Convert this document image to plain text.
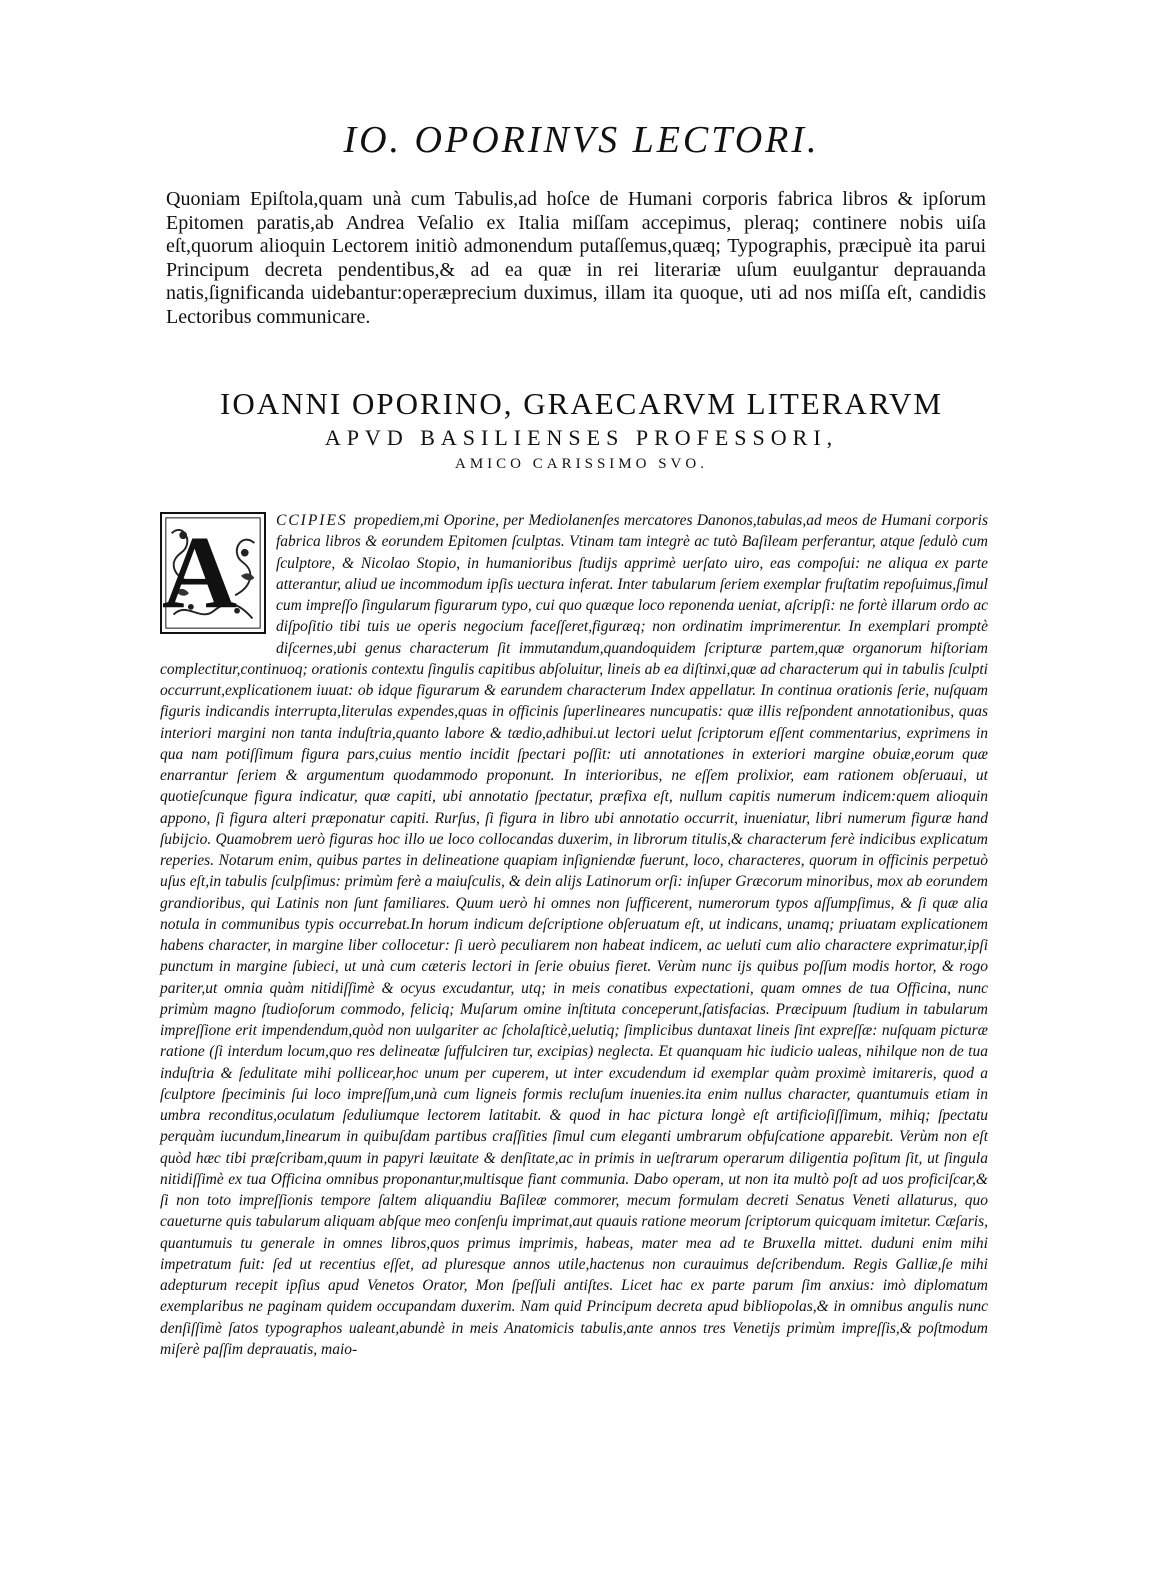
IO. OPORINVS LECTORI.

Quoniam Epiſtola,quam unà cum Tabulis,ad hoſce de Humani corporis fabrica libros & ipſorum Epitomen paratis,ab Andrea Veſalio ex Italia miſſam accepimus, pleraq; continere nobis uiſa eſt,quorum alioquin Lectorem initiò admonendum putaſſemus,quæq; Typographis, præcipuè ita parui Principum decreta pendentibus,& ad ea quæ in rei literariæ uſum euulgantur deprauanda natis,ſignificanda uidebantur:operæprecium duximus, illam ita quoque, uti ad nos miſſa eſt, candidis Lectoribus communicare.

IOANNI OPORINO, GRAECARVM LITERARVM
APVD BASILIENSES PROFESSORI,
AMICO CARISSIMO SVO.
A	CCIPIES propediem,mi Oporine, per Mediolanenſes mercatores Danonos,tabulas,ad meos de Humani corporis fabrica libros & eorundem Epitomen ſculptas. Vtinam tam integrè ac tutò Baſileam perferantur, atque ſedulò cum ſculptore, & Nicolao Stopio, in humanioribus ſtudijs apprimè uerſato uiro, eas compoſui: ne aliqua ex parte atterantur, aliud ue incommodum ipſis uectura inferat. Inter tabularum ſeriem exemplar fruſtatim repoſuimus,ſimul cum impreſſo ſingularum figurarum typo, cui quo quæque loco reponenda ueniat, aſcripſi: ne fortè illarum ordo ac diſpoſitio tibi tuis ue operis negocium faceſſeret,figuræq; non ordinatim imprimerentur. In exemplari promptè diſcernes,ubi genus characterum ſit immutandum,quandoquidem ſcripturæ partem,quæ organorum hiſtoriam complectitur,continuoq; orationis contextu ſingulis capitibus abſoluitur, lineis ab ea diſtinxi,quæ ad characterum qui in tabulis ſculpti occurrunt,explicationem iuuat: ob idque figurarum & earundem characterum Index appellatur. In continua orationis ſerie, nuſquam figuris indicandis interrupta,literulas expendes,quas in officinis ſuperlineares nuncupatis: quæ illis reſpondent annotationibus, quas interiori margini non tanta induſtria,quanto labore & tædio,adhibui.ut lectori uelut ſcriptorum eſſent commentarius, exprimens in qua nam potiſſimum figura pars,cuius mentio incidit ſpectari poſſit: uti annotationes in exteriori margine obuiæ,eorum quæ enarrantur ſeriem & argumentum quodammodo proponunt. In interioribus, ne eſſem prolixior, eam rationem obſeruaui, ut quotieſcunque figura indicatur, quæ capiti, ubi annotatio ſpectatur, præfixa eſt, nullum capitis numerum indicem:quem alioquin appono, ſi figura alteri præponatur capiti. Rurſus, ſi figura in libro ubi annotatio occurrit, inueniatur, libri numerum figuræ hand ſubijcio. Quamobrem uerò figuras hoc illo ue loco collocandas duxerim, in librorum titulis,& characterum ferè indicibus explicatum reperies. Notarum enim, quibus partes in delineatione quapiam inſigniendæ fuerunt, loco, characteres, quorum in officinis perpetuò uſus eſt,in tabulis ſculpſimus: primùm ferè a maiuſculis, & dein alijs Latinorum orſi: inſuper Græcorum minoribus, mox ab eorundem grandioribus, qui Latinis non ſunt familiares. Quum uerò hi omnes non ſufficerent, numerorum typos aſſumpſimus, & ſi quæ alia notula in communibus typis occurrebat.In horum indicum deſcriptione obſeruatum eſt, ut indicans, unamq; priuatam explicationem habens character, in margine liber collocetur: ſi uerò peculiarem non habeat indicem, ac ueluti cum alio charactere exprimatur,ipſi punctum in margine ſubieci, ut unà cum cæteris lectori in ſerie obuius fieret. Verùm nunc ijs quibus poſſum modis hortor, & rogo pariter,ut omnia quàm nitidiſſimè & ocyus excudantur, utq; in meis conatibus expectationi, quam omnes de tua Officina, nunc primùm magno ſtudioſorum commodo, feliciq; Muſarum omine inſtituta conceperunt,ſatisfacias. Præcipuum ſtudium in tabularum impreſſione erit impendendum,quòd non uulgariter ac ſcholaſticè,uelutiq; ſimplicibus duntaxat lineis ſint expreſſæ: nuſquam picturæ ratione (ſi interdum locum,quo res delineatæ ſuffulciren tur, excipias) neglecta. Et quanquam hic iudicio ualeas, nihilque non de tua induſtria & ſedulitate mihi pollicear,hoc unum per cuperem, ut inter excudendum id exemplar quàm proximè imitareris, quod a ſculptore ſpeciminis ſui loco impreſſum,unà cum ligneis formis recluſum inuenies.ita enim nullus character, quantumuis etiam in umbra reconditus,oculatum ſeduliumque lectorem latitabit. & quod in hac pictura longè eſt artificioſiſſimum, mihiq; ſpectatu perquàm iucundum,linearum in quibuſdam partibus craſſities ſimul cum eleganti umbrarum obfuſcatione apparebit. Verùm non eſt quòd hæc tibi præſcribam,quum in papyri læuitate & denſitate,ac in primis in ueſtrarum operarum diligentia poſitum ſit, ut ſingula nitidiſſimè ex tua Officina omnibus proponantur,multisque fiant communia. Dabo operam, ut non ita multò poſt ad uos proficiſcar,& ſi non toto impreſſionis tempore ſaltem aliquandiu Baſileæ commorer, mecum formulam decreti Senatus Veneti allaturus, quo caueturne quis tabularum aliquam abſque meo conſenſu imprimat,aut quauis ratione meorum ſcriptorum quicquam imitetur. Cæſaris, quantumuis tu generale in omnes libros,quos primus imprimis, habeas, mater mea ad te Bruxella mittet. duduni enim mihi impetratum fuit: ſed ut recentius eſſet, ad pluresque annos utile,hactenus non curauimus deſcribendum. Regis Galliæ,ſe mihi adepturum recepit ipſius apud Venetos Orator, Mon ſpeſſuli antiſtes. Licet hac ex parte parum ſim anxius: imò diplomatum exemplaribus ne paginam quidem occupandam duxerim. Nam quid Principum decreta apud bibliopolas,& in omnibus angulis nunc denſiſſimè ſatos typographos ualeant,abundè in meis Anatomicis tabulis,ante annos tres Venetijs primùm impreſſis,& poſtmodum miſerè paſſim deprauatis, maio-
